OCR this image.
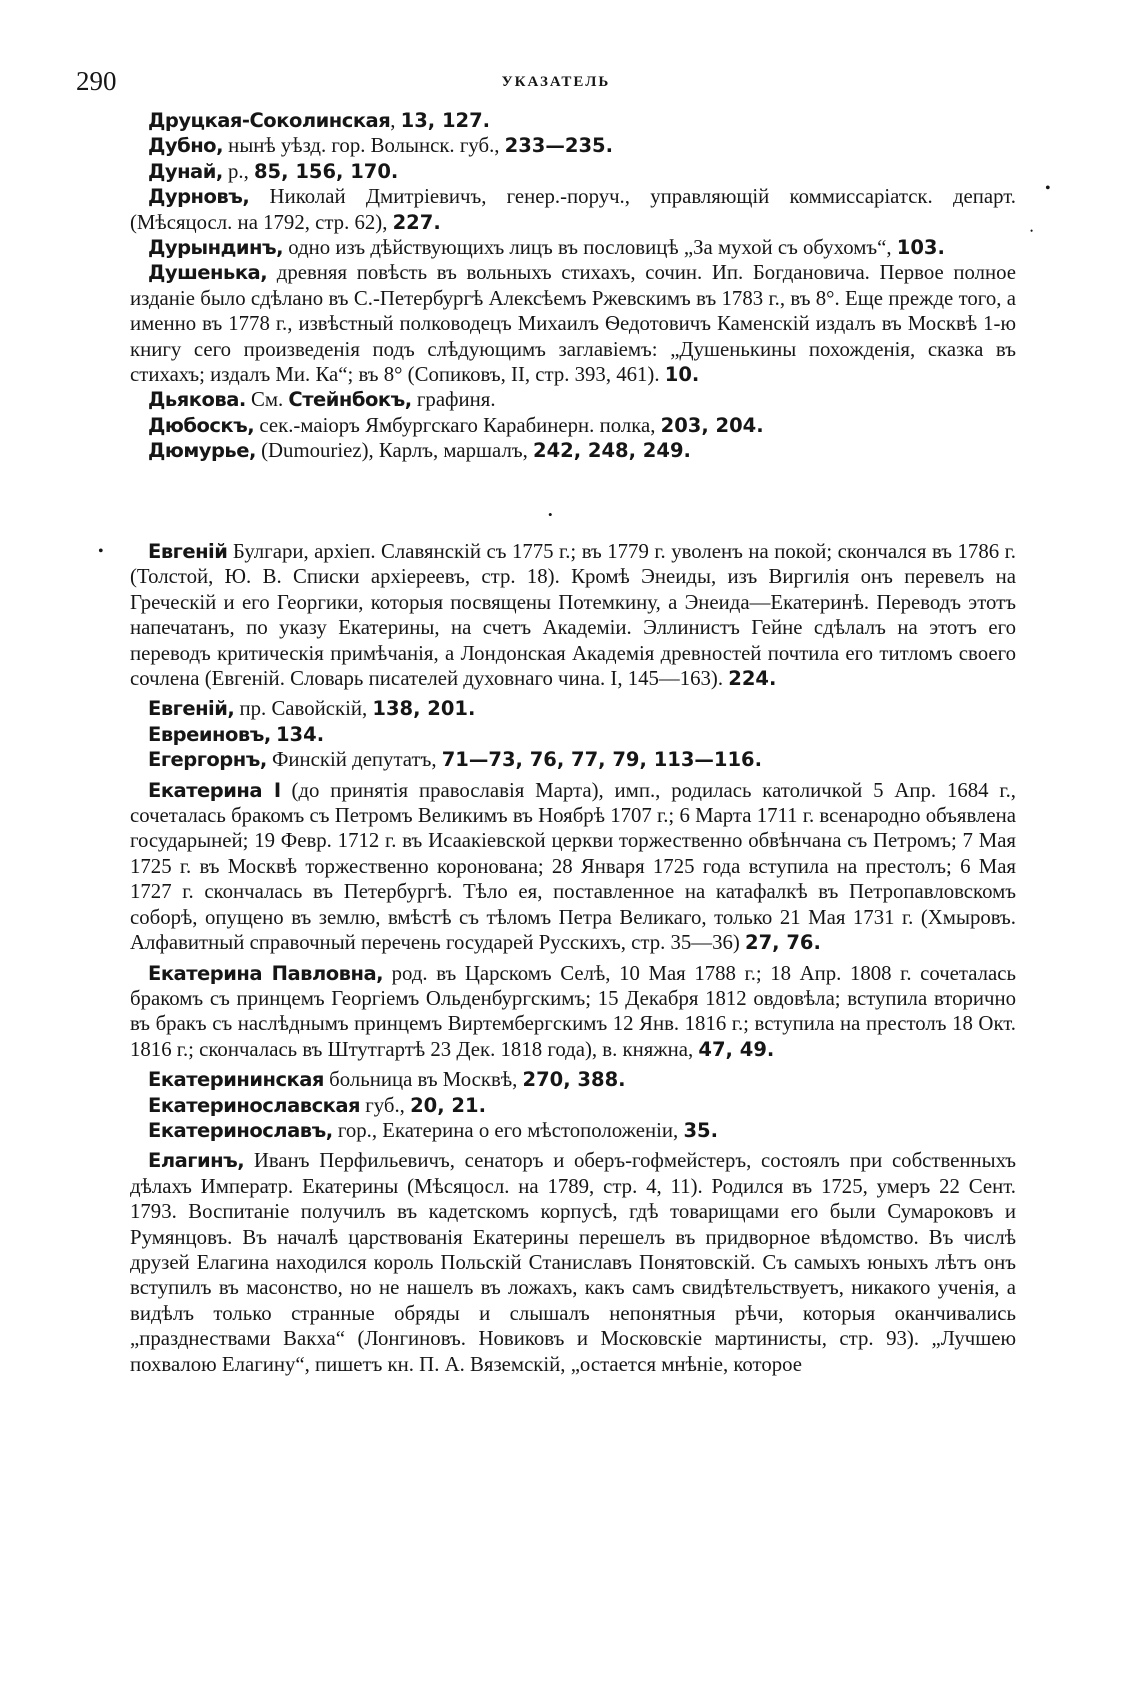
290	УКАЗАТЕЛЬ
•
•
•

Друцкая-Соколинская, 13, 127.

Дубно, нынѣ уѣзд. гор. Волынск. губ., 233—235.

Дунай, р., 85, 156, 170.

Дурновъ, Николай Дмитріевичъ, генер.-поруч., управляющій коммиссаріатск. департ. (Мѣсяцосл. на 1792, стр. 62), 227.

Дурындинъ, одно изъ дѣйствующихъ лицъ въ пословицѣ „За мухой съ обухомъ“, 103.

Душенька, древняя повѣсть въ вольныхъ стихахъ, сочин. Ип. Богдановича. Первое полное изданіе было сдѣлано въ С.-Петербургѣ Алексѣемъ Ржевскимъ въ 1783 г., въ 8°. Еще прежде того, а именно въ 1778 г., извѣстный полководецъ Михаилъ Ѳедотовичъ Каменскій издалъ въ Москвѣ 1-ю книгу сего произведенія подъ слѣдующимъ заглавіемъ: „Душенькины похожденія, сказка въ стихахъ; издалъ Ми. Ка“; въ 8° (Сопиковъ, II, стр. 393, 461). 10.

Дьякова. См. Стейнбокъ, графиня.

Дюбоскъ, сек.-маіоръ Ямбургскаго Карабинерн. полка, 203, 204.

Дюмурье, (Dumouriez), Карлъ, маршалъ, 242, 248, 249.

•

Евгеній Булгари, архіеп. Славянскій съ 1775 г.; въ 1779 г. уволенъ на покой; скончался въ 1786 г. (Толстой, Ю. В. Списки архіереевъ, стр. 18). Кромѣ Энеиды, изъ Виргилія онъ перевелъ на Греческій и его Георгики, которыя посвящены Потемкину, а Энеида—Екатеринѣ. Переводъ этотъ напечатанъ, по указу Екатерины, на счетъ Академіи. Эллинистъ Гейне сдѣлалъ на этотъ его переводъ критическія примѣчанія, а Лондонская Академія древностей почтила его титломъ своего сочлена (Евгеній. Словарь писателей духовнаго чина. I, 145—163). 224.

Евгеній, пр. Савойскій, 138, 201.

Евреиновъ, 134.

Егергорнъ, Финскій депутатъ, 71—73, 76, 77, 79, 113—116.

Екатерина I (до принятія православія Марта), имп., родилась католичкой 5 Апр. 1684 г., сочеталась бракомъ съ Петромъ Великимъ въ Ноябрѣ 1707 г.; 6 Марта 1711 г. всенародно объявлена государыней; 19 Февр. 1712 г. въ Исаакіевской церкви торжественно обвѣнчана съ Петромъ; 7 Мая 1725 г. въ Москвѣ торжественно коронована; 28 Января 1725 года вступила на престолъ; 6 Мая 1727 г. скончалась въ Петербургѣ. Тѣло ея, поставленное на катафалкѣ въ Петропавловскомъ соборѣ, опущено въ землю, вмѣстѣ съ тѣломъ Петра Великаго, только 21 Мая 1731 г. (Хмыровъ. Алфавитный справочный перечень государей Русскихъ, стр. 35—36) 27, 76.

Екатерина Павловна, род. въ Царскомъ Селѣ, 10 Мая 1788 г.; 18 Апр. 1808 г. сочеталась бракомъ съ принцемъ Георгіемъ Ольденбургскимъ; 15 Декабря 1812 овдовѣла; вступила вторично въ бракъ съ наслѣднымъ принцемъ Виртембергскимъ 12 Янв. 1816 г.; вступила на престолъ 18 Окт. 1816 г.; скончалась въ Штутгартѣ 23 Дек. 1818 года), в. княжна, 47, 49.

Екатерининская больница въ Москвѣ, 270, 388.

Екатеринославская губ., 20, 21.

Екатеринославъ, гор., Екатерина о его мѣстоположеніи, 35.

Елагинъ, Иванъ Перфильевичъ, сенаторъ и оберъ-гофмейстеръ, состоялъ при собственныхъ дѣлахъ Императр. Екатерины (Мѣсяцосл. на 1789, стр. 4, 11). Родился въ 1725, умеръ 22 Сент. 1793. Воспитаніе получилъ въ кадетскомъ корпусѣ, гдѣ товарищами его были Сумароковъ и Румянцовъ. Въ началѣ царствованія Екатерины перешелъ въ придворное вѣдомство. Въ числѣ друзей Елагина находился король Польскій Станиславъ Понятовскій. Съ самыхъ юныхъ лѣтъ онъ вступилъ въ масонство, но не нашелъ въ ложахъ, какъ самъ свидѣтельствуетъ, никакого ученія, а видѣлъ только странные обряды и слышалъ непонятныя рѣчи, которыя оканчивались „празднествами Вакха“ (Лонгиновъ. Новиковъ и Московскіе мартинисты, стр. 93). „Лучшею похвалою Елагину“, пишетъ кн. П. А. Вяземскій, „остается мнѣніе, которое
